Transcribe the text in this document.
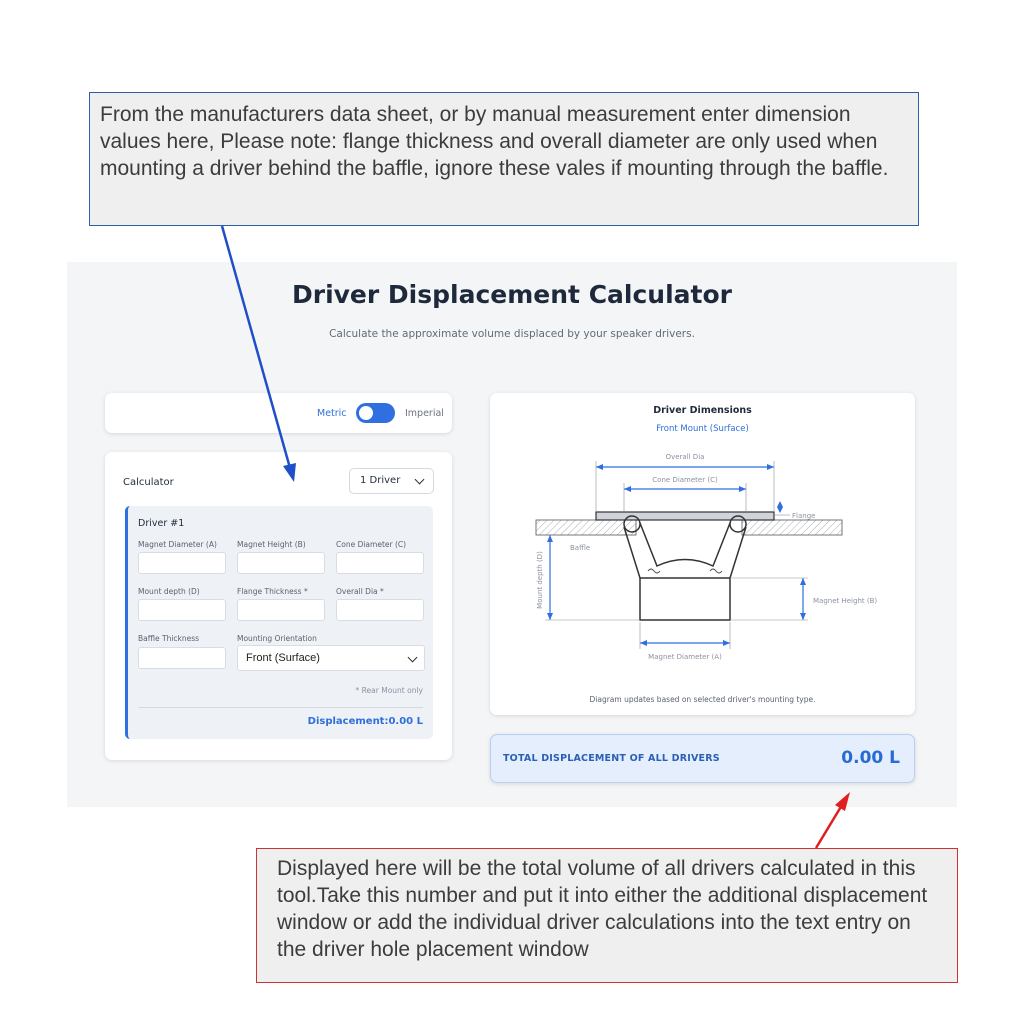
From the manufacturers data sheet, or by manual measurement enter dimension values here, Please note: flange thickness and overall diameter are only used when mounting a driver behind the baffle, ignore these vales if mounting through the baffle.
Driver Displacement Calculator
Calculate the approximate volume displaced by your speaker drivers.
Metric	Imperial
Calculator	1 Driver
Driver #1
Magnet Diameter (A)	Magnet Height (B)	Cone Diameter (C)
Mount depth (D)	Flange Thickness *	Overall Dia *
Baffle Thickness	Mounting Orientation
Front (Surface)
* Rear Mount only
Displacement:0.00 L
Driver Dimensions
Front Mount (Surface)
Overall Dia
Cone Diameter (C)
Flange
Baffle
Mount depth (D)	Magnet Height (B)
Magnet Diameter (A)
Diagram updates based on selected driver's mounting type.
TOTAL DISPLACEMENT OF ALL DRIVERS	0.00 L
Displayed here will be the total volume of all drivers calculated in this tool.Take this number and put it into either the additional displacement window or add the individual driver calculations into the text entry on the driver hole placement window
